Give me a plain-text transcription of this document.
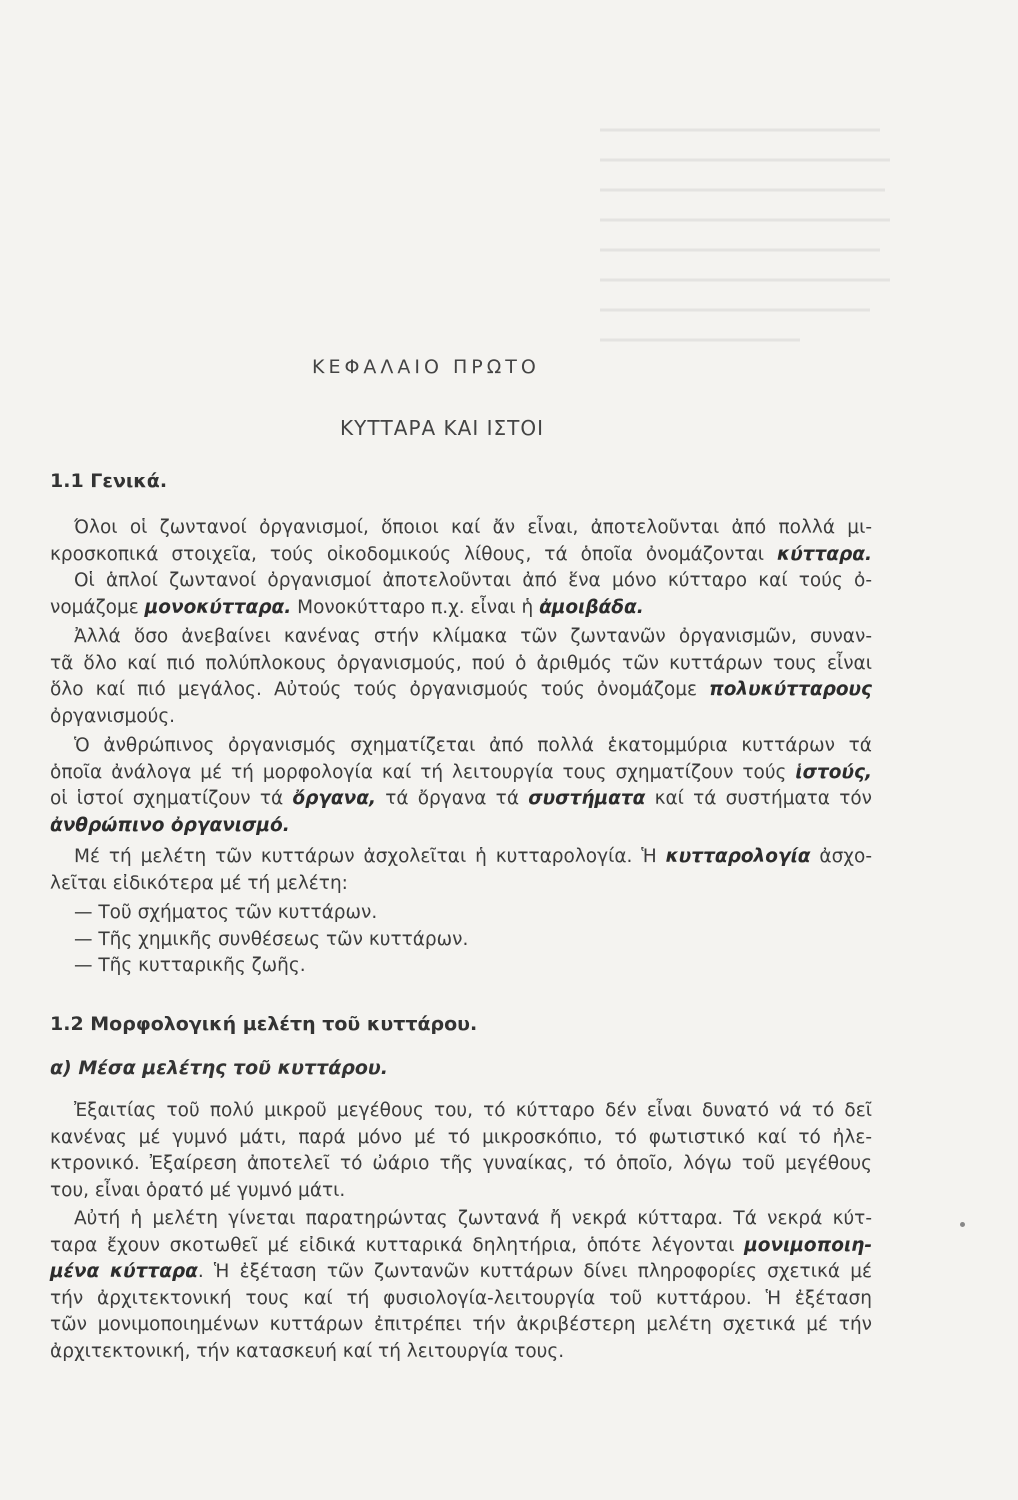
ΚΕΦΑΛΑΙΟ ΠΡΩΤΟ
ΚΥΤΤΑΡΑ ΚΑΙ ΙΣΤΟΙ
1.1 Γενικά.
Όλοι οἱ ζωντανοί ὀργανισμοί, ὅποιοι καί ἄν εἶναι, ἀποτελοῦνται ἀπό πολλά μι-
κροσκοπικά στοιχεῖα, τούς οἰκοδομικούς λίθους, τά ὁποῖα ὀνομάζονται κύτταρα.
Οἱ ἁπλοί ζωντανοί ὀργανισμοί ἀποτελοῦνται ἀπό ἕνα μόνο κύτταρο καί τούς ὀ-
νομάζομε μονοκύτταρα. Μονοκύτταρο π.χ. εἶναι ἡ ἀμοιβάδα.
Ἀλλά ὅσο ἀνεβαίνει κανένας στήν κλίμακα τῶν ζωντανῶν ὀργανισμῶν, συναν-
τᾶ ὅλο καί πιό πολύπλοκους ὀργανισμούς, πού ὁ ἀριθμός τῶν κυττάρων τους εἶναι
ὅλο καί πιό μεγάλος. Αὐτούς τούς ὀργανισμούς τούς ὀνομάζομε πολυκύτταρους
ὀργανισμούς.
Ὁ ἀνθρώπινος ὀργανισμός σχηματίζεται ἀπό πολλά ἑκατομμύρια κυττάρων τά
ὁποῖα ἀνάλογα μέ τή μορφολογία καί τή λειτουργία τους σχηματίζουν τούς ἱστούς,
οἱ ἱστοί σχηματίζουν τά ὄργανα, τά ὄργανα τά συστήματα καί τά συστήματα τόν
ἀνθρώπινο ὀργανισμό.
Μέ τή μελέτη τῶν κυττάρων ἀσχολεῖται ἡ κυτταρολογία. Ἡ κυτταρολογία ἀσχο-
λεῖται εἰδικότερα μέ τή μελέτη:
— Τοῦ σχήματος τῶν κυττάρων.
— Τῆς χημικῆς συνθέσεως τῶν κυττάρων.
— Τῆς κυτταρικῆς ζωῆς.
1.2 Μορφολογική μελέτη τοῦ κυττάρου.
α) Μέσα μελέτης τοῦ κυττάρου.
Ἐξαιτίας τοῦ πολύ μικροῦ μεγέθους του, τό κύτταρο δέν εἶναι δυνατό νά τό δεῖ
κανένας μέ γυμνό μάτι, παρά μόνο μέ τό μικροσκόπιο, τό φωτιστικό καί τό ἠλε-
κτρονικό. Ἐξαίρεση ἀποτελεῖ τό ὠάριο τῆς γυναίκας, τό ὁποῖο, λόγω τοῦ μεγέθους
του, εἶναι ὁρατό μέ γυμνό μάτι.
Αὐτή ἡ μελέτη γίνεται παρατηρώντας ζωντανά ἤ νεκρά κύτταρα. Τά νεκρά κύτ-
ταρα ἔχουν σκοτωθεῖ μέ εἰδικά κυτταρικά δηλητήρια, ὁπότε λέγονται μονιμοποιη-
μένα κύτταρα. Ἡ ἐξέταση τῶν ζωντανῶν κυττάρων δίνει πληροφορίες σχετικά μέ
τήν ἀρχιτεκτονική τους καί τή φυσιολογία-λειτουργία τοῦ κυττάρου. Ἡ ἐξέταση
τῶν μονιμοποιημένων κυττάρων ἐπιτρέπει τήν ἀκριβέστερη μελέτη σχετικά μέ τήν
ἀρχιτεκτονική, τήν κατασκευή καί τή λειτουργία τους.
